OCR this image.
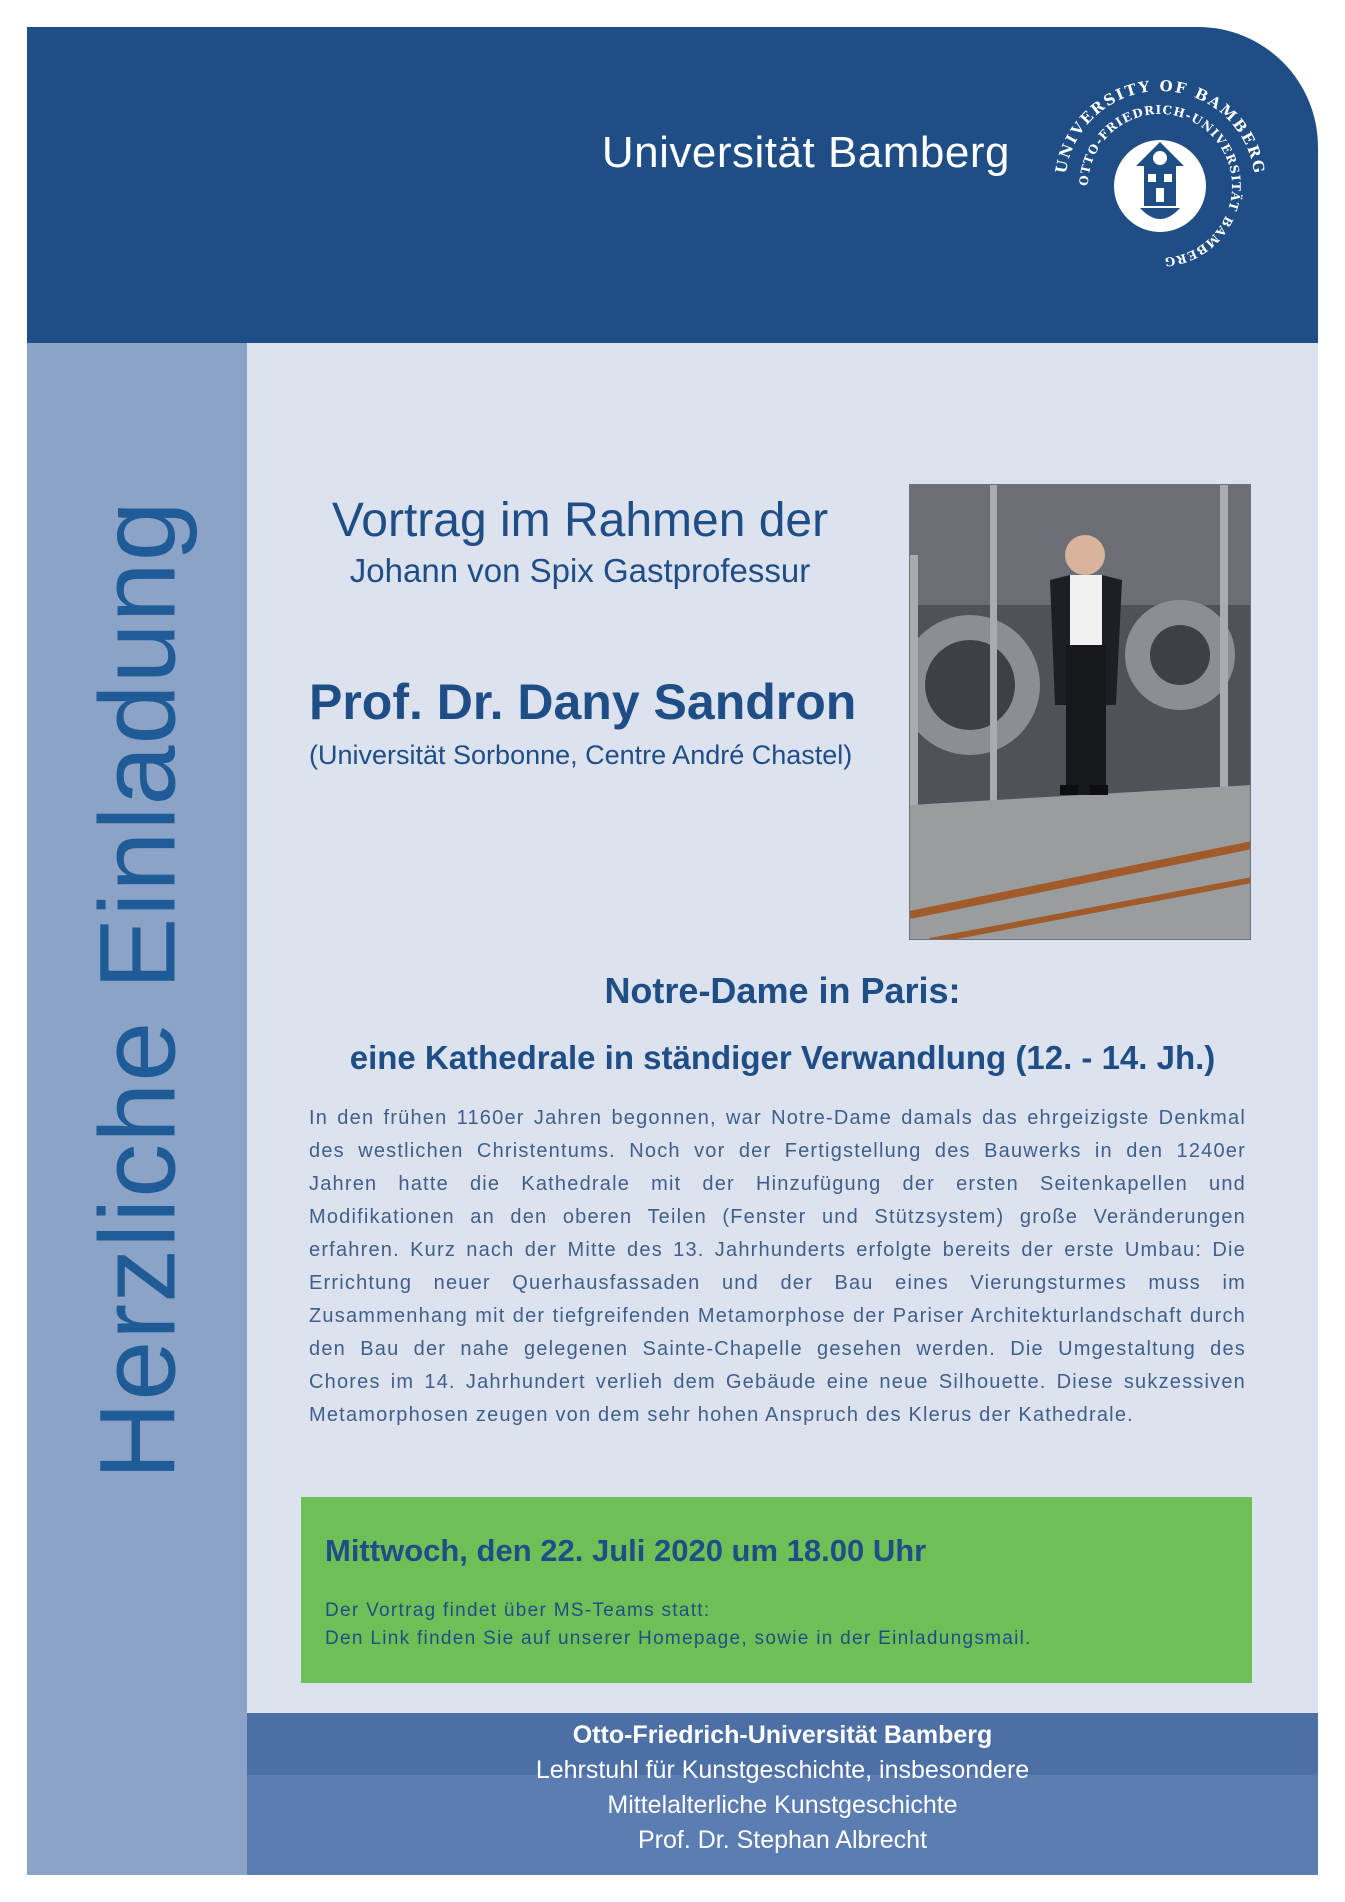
Universität Bamberg	UNIVERSITY OF BAMBERG
OTTO-FRIEDRICH-UNIVERSITÄT BAMBERG
Herzliche Einladung	Vortrag im Rahmen der
Johann von Spix Gastprofessur
Prof. Dr. Dany Sandron
(Universität Sorbonne, Centre André Chastel)
Notre-Dame in Paris:
eine Kathedrale in ständiger Verwandlung (12. - 14. Jh.)

In den frühen 1160er Jahren begonnen, war Notre-Dame damals das ehrgeizigste Denkmal des westlichen Christentums. Noch vor der Fertigstellung des Bauwerks in den 1240er Jahren hatte die Kathedrale mit der Hinzufügung der ersten Seitenkapellen und Modifikationen an den oberen Teilen (Fenster und Stützsystem) große Veränderungen erfahren. Kurz nach der Mitte des 13. Jahrhunderts erfolgte bereits der erste Umbau: Die Errichtung neuer Querhausfassaden und der Bau eines Vierungsturmes muss im Zusammenhang mit der tiefgreifenden Metamorphose der Pariser Architekturlandschaft durch den Bau der nahe gelegenen Sainte-Chapelle gesehen werden. Die Umgestaltung des Chores im 14. Jahrhundert verlieh dem Gebäude eine neue Silhouette. Diese sukzessiven Metamorphosen zeugen von dem sehr hohen Anspruch des Klerus der Kathedrale.

Mittwoch, den 22. Juli 2020 um 18.00 Uhr
Der Vortrag findet über MS-Teams statt:
Den Link finden Sie auf unserer Homepage, sowie in der Einladungsmail.
Otto-Friedrich-Universität Bamberg
Lehrstuhl für Kunstgeschichte, insbesondere
Mittelalterliche Kunstgeschichte
Prof. Dr. Stephan Albrecht
